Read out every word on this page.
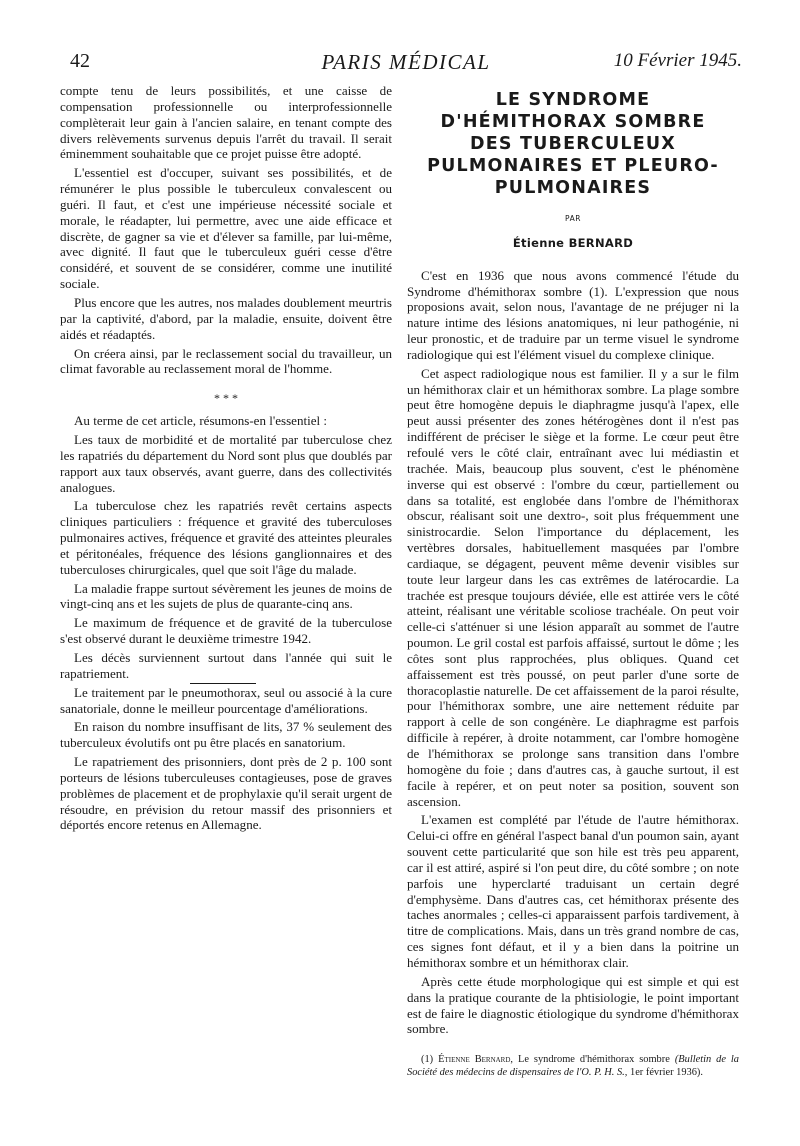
42	PARIS MÉDICAL	10 Février 1945.

compte tenu de leurs possibilités, et une caisse de compensation professionnelle ou interprofessionnelle complèterait leur gain à l'ancien salaire, en tenant compte des divers relèvements survenus depuis l'arrêt du travail. Il serait éminemment souhaitable que ce projet puisse être adopté.

L'essentiel est d'occuper, suivant ses possibilités, et de rémunérer le plus possible le tuberculeux convalescent ou guéri. Il faut, et c'est une impérieuse nécessité sociale et morale, le réadapter, lui permettre, avec une aide efficace et discrète, de gagner sa vie et d'élever sa famille, par lui-même, avec dignité. Il faut que le tuberculeux guéri cesse d'être considéré, et souvent de se considérer, comme une inutilité sociale.

Plus encore que les autres, nos malades doublement meurtris par la captivité, d'abord, par la maladie, ensuite, doivent être aidés et réadaptés.

On créera ainsi, par le reclassement social du travailleur, un climat favorable au reclassement moral de l'homme.

* * *

Au terme de cet article, résumons-en l'essentiel :

Les taux de morbidité et de mortalité par tuberculose chez les rapatriés du département du Nord sont plus que doublés par rapport aux taux observés, avant guerre, dans des collectivités analogues.

La tuberculose chez les rapatriés revêt certains aspects cliniques particuliers : fréquence et gravité des tuberculoses pulmonaires actives, fréquence et gravité des atteintes pleurales et péritonéales, fréquence des lésions ganglionnaires et des tuberculoses chirurgicales, quel que soit l'âge du malade.

La maladie frappe surtout sévèrement les jeunes de moins de vingt-cinq ans et les sujets de plus de quarante-cinq ans.

Le maximum de fréquence et de gravité de la tuberculose s'est observé durant le deuxième trimestre 1942.

Les décès surviennent surtout dans l'année qui suit le rapatriement.

Le traitement par le pneumothorax, seul ou associé à la cure sanatoriale, donne le meilleur pourcentage d'améliorations.

En raison du nombre insuffisant de lits, 37 % seulement des tuberculeux évolutifs ont pu être placés en sanatorium.

Le rapatriement des prisonniers, dont près de 2 p. 100 sont porteurs de lésions tuberculeuses contagieuses, pose de graves problèmes de placement et de prophylaxie qu'il serait urgent de résoudre, en prévision du retour massif des prisonniers et déportés encore retenus en Allemagne.

LE SYNDROME
D'HÉMITHORAX SOMBRE
DES TUBERCULEUX
PULMONAIRES ET PLEURO-
PULMONAIRES
PAR
Étienne BERNARD

C'est en 1936 que nous avons commencé l'étude du Syndrome d'hémithorax sombre (1). L'expression que nous proposions avait, selon nous, l'avantage de ne préjuger ni la nature intime des lésions anatomiques, ni leur pathogénie, ni leur pronostic, et de traduire par un terme visuel le syndrome radiologique qui est l'élément visuel du complexe clinique.

Cet aspect radiologique nous est familier. Il y a sur le film un hémithorax clair et un hémithorax sombre. La plage sombre peut être homogène depuis le diaphragme jusqu'à l'apex, elle peut aussi présenter des zones hétérogènes dont il n'est pas indifférent de préciser le siège et la forme. Le cœur peut être refoulé vers le côté clair, entraînant avec lui médiastin et trachée. Mais, beaucoup plus souvent, c'est le phénomène inverse qui est observé : l'ombre du cœur, partiellement ou dans sa totalité, est englobée dans l'ombre de l'hémithorax obscur, réalisant soit une dextro-, soit plus fréquemment une sinistrocardie. Selon l'importance du déplacement, les vertèbres dorsales, habituellement masquées par l'ombre cardiaque, se dégagent, peuvent même devenir visibles sur toute leur largeur dans les cas extrêmes de latérocardie. La trachée est presque toujours déviée, elle est attirée vers le côté atteint, réalisant une véritable scoliose trachéale. On peut voir celle-ci s'atténuer si une lésion apparaît au sommet de l'autre poumon. Le gril costal est parfois affaissé, surtout le dôme ; les côtes sont plus rapprochées, plus obliques. Quand cet affaissement est très poussé, on peut parler d'une sorte de thoracoplastie naturelle. De cet affaissement de la paroi résulte, pour l'hémithorax sombre, une aire nettement réduite par rapport à celle de son congénère. Le diaphragme est parfois difficile à repérer, à droite notamment, car l'ombre homogène de l'hémithorax se prolonge sans transition dans l'ombre homogène du foie ; dans d'autres cas, à gauche surtout, il est facile à repérer, et on peut noter sa position, souvent son ascension.

L'examen est complété par l'étude de l'autre hémithorax. Celui-ci offre en général l'aspect banal d'un poumon sain, ayant souvent cette particularité que son hile est très peu apparent, car il est attiré, aspiré si l'on peut dire, du côté sombre ; on note parfois une hyperclarté traduisant un certain degré d'emphysème. Dans d'autres cas, cet hémithorax présente des taches anormales ; celles-ci apparaissent parfois tardivement, à titre de complications. Mais, dans un très grand nombre de cas, ces signes font défaut, et il y a bien dans la poitrine un hémithorax sombre et un hémithorax clair.

Après cette étude morphologique qui est simple et qui est dans la pratique courante de la phtisiologie, le point important est de faire le diagnostic étiologique du syndrome d'hémithorax sombre.

(1) Étienne Bernard, Le syndrome d'hémithorax sombre (Bulletin de la Société des médecins de dispensaires de l'O. P. H. S., 1er février 1936).
